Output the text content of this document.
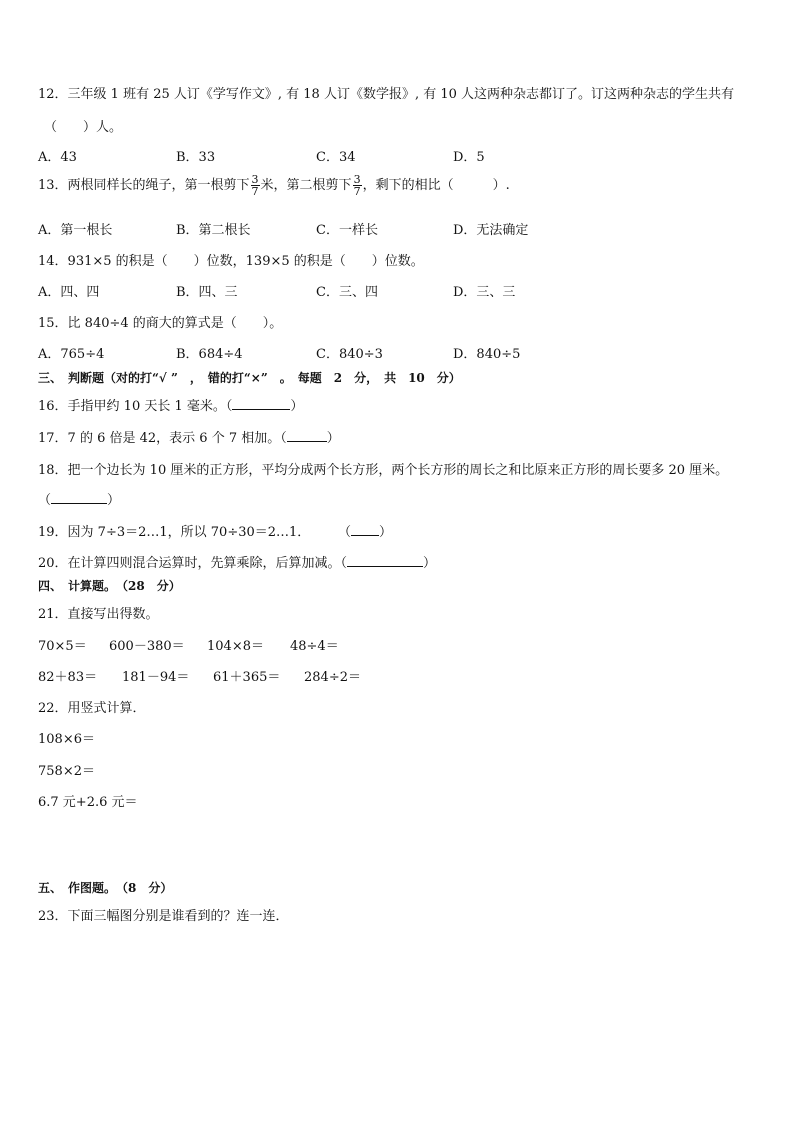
12．三年级 1 班有 25 人订《学写作文》, 有 18 人订《数学报》, 有 10 人这两种杂志都订了。订这两种杂志的学生共有
（　　）人。
A．43	B．33	C．34	D．5
13．两根同样长的绳子，第一根剪下 $\frac{3}{7}$ 米，第二根剪下 $\frac{3}{7}$ ，剩下的相比（　　　）.
A．第一根长	B．第二根长	C．一样长	D．无法确定
14．931×5 的积是（　　）位数，139×5 的积是（　　）位数。
A．四、四	B．四、三	C．三、四	D．三、三
15．比 840÷4 的商大的算式是（　　）。
A．765÷4	B．684÷4	C．840÷3	D．840÷5
三、　判断题（对的打“√ ”　，　错的打“×”　。　每题　2　分，　共　10　分）
16．手指甲约 10 天长 1 毫米。（	）
17．7 的 6 倍是 42，表示 6 个 7 相加。（	）
18．把一个边长为 10 厘米的正方形，平均分成两个长方形，两个长方形的周长之和比原来正方形的周长要多 20 厘米。
（	）
19．因为 7÷3＝2…1，所以 70÷30＝2…1． （ ）
20．在计算四则混合运算时，先算乘除，后算加减。（	）
四、　计算题。　（28　分）
21．直接写出得数。
70×5＝ 600－380＝ 104×8＝ 48÷4＝
82＋83＝ 181－94＝ 61＋365＝ 284÷2＝
22．用竖式计算．
108×6＝
758×2＝
6.7 元+2.6 元＝
五、　作图题。　（8　分）
23．下面三幅图分别是谁看到的？连一连．
